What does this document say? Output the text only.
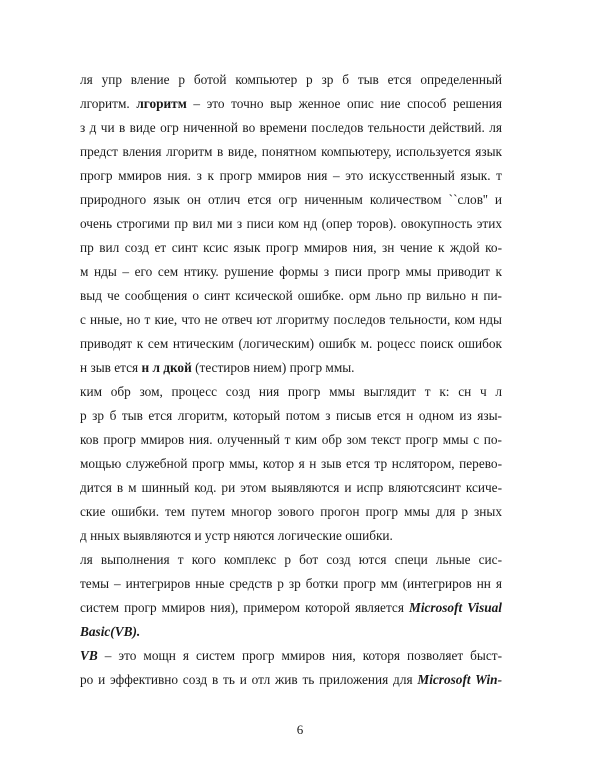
ля упр вление р ботой компьютер р зр б тыв ется определенный
лгоритм. лгоритм – это точно выр женное опис ние способ решения
з д чи в виде огр ниченной во времени последов тельности действий. ля
предст вления лгоритм в виде, понятном компьютеру, используется язык
прогр ммиров ния. з к прогр ммиров ния – это искусственный язык. т
природного язык он отлич ется огр ниченным количеством ``слов'' и
очень строгими пр вил ми з писи ком нд (опер торов). овокупность этих
пр вил созд ет синт ксис язык прогр ммиров ния, зн чение к ждой ко-
м нды – его сем нтику. рушение формы з писи прогр ммы приводит к
выд че сообщения о синт ксической ошибке. орм льно пр вильно н пи-
с нные, но т кие, что не отвеч ют лгоритму последов тельности, ком нды
приводят к сем нтическим (логическим) ошибк м. роцесс поиск ошибок
н зыв ется н л дкой (тестиров нием) прогр ммы.
ким обр зом, процесс созд ния прогр ммы выглядит т к: сн ч л
р зр б тыв ется лгоритм, который потом з писыв ется н одном из язы-
ков прогр ммиров ния. олученный т ким обр зом текст прогр ммы с по-
мощью служебной прогр ммы, котор я н зыв ется тр нслятором, перево-
дится в м шинный код. ри этом выявляются и испр вляютсясинт ксиче-
ские ошибки. тем путем многор зового прогон прогр ммы для р зных
д нных выявляются и устр няются логические ошибки.
ля выполнения т кого комплекс р бот созд ются специ льные сис-
темы – интегриров нные средств р зр ботки прогр мм (интегриров нн я
систем прогр ммиров ния), примером которой является Microsoft Visual
Basic(VB).
VB – это мощн я систем прогр ммиров ния, котоpя позволяет быст-
ро и эффективно созд в ть и отл жив ть приложения для Microsoft Win-
6
